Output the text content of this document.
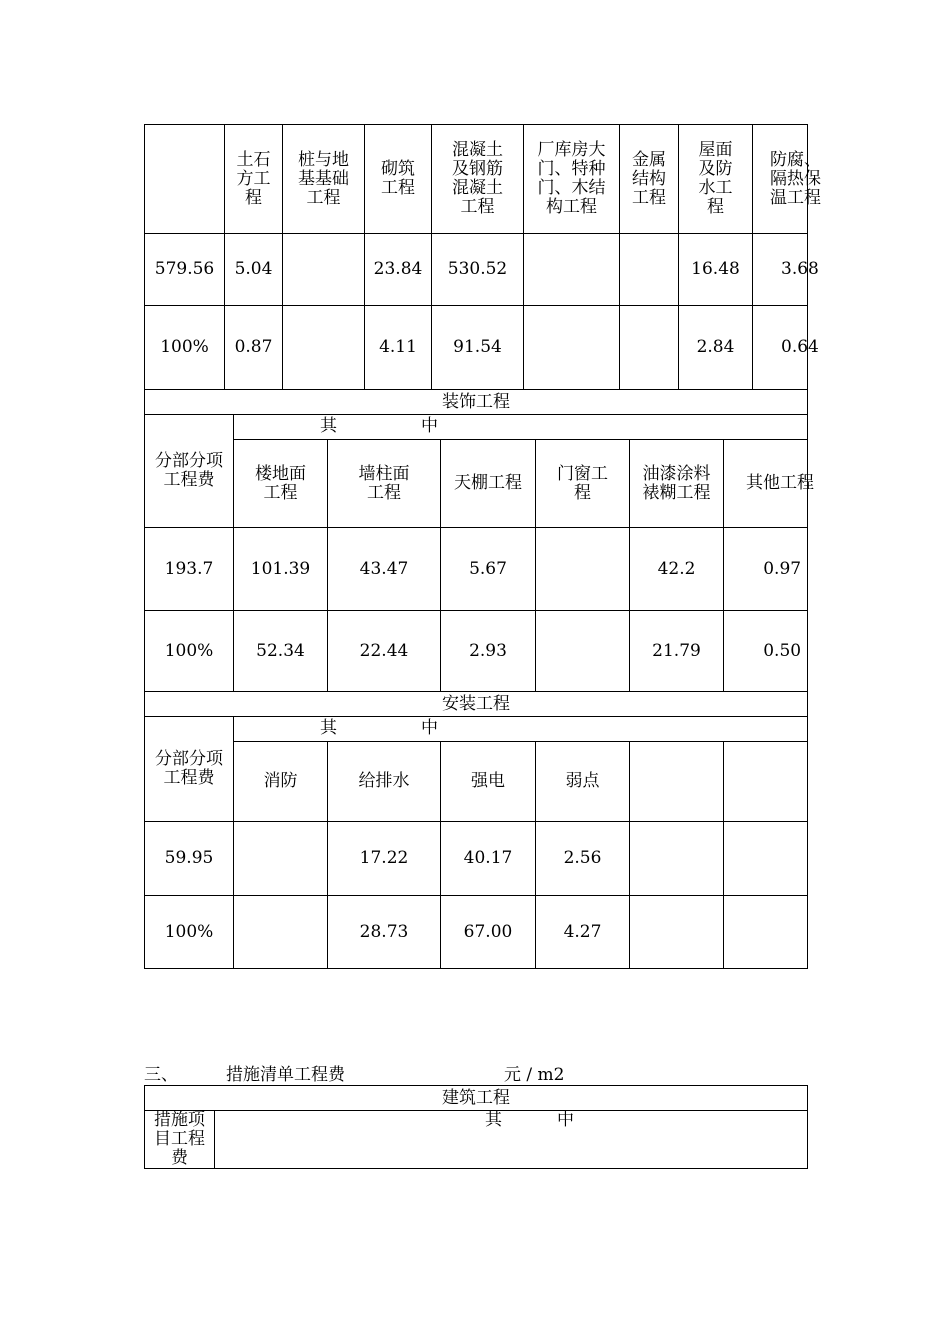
	土石方工程	桩与地基基础工程	砌筑工程	混凝土及钢筋混凝土工程	厂库房大门、特种门、木结构工程	金属结构工程	屋面及防水工程	防腐、隔热保温工程

579.56	5.04		23.84	530.52			16.48	3.68
100%	0.87		4.11	91.54			2.84	0.64
装饰工程						

分部分项工程费	其 中					

	楼地面工程	墙柱面工程	天棚工程	门窗工程	油漆涂料裱糊工程	其他工程
193.7	101.39	43.47	5.67		42.2	0.97
100%	52.34	22.44	2.93		21.79	0.50
安装工程						

分部分项工程费	其 中					

	消防	给排水	强电	弱点		
59.95		17.22	40.17	2.56		
100%		28.73	67.00	4.27		
三、	措施清单工程费	元 / m2
建筑工程

措施项目工程费

其	中
